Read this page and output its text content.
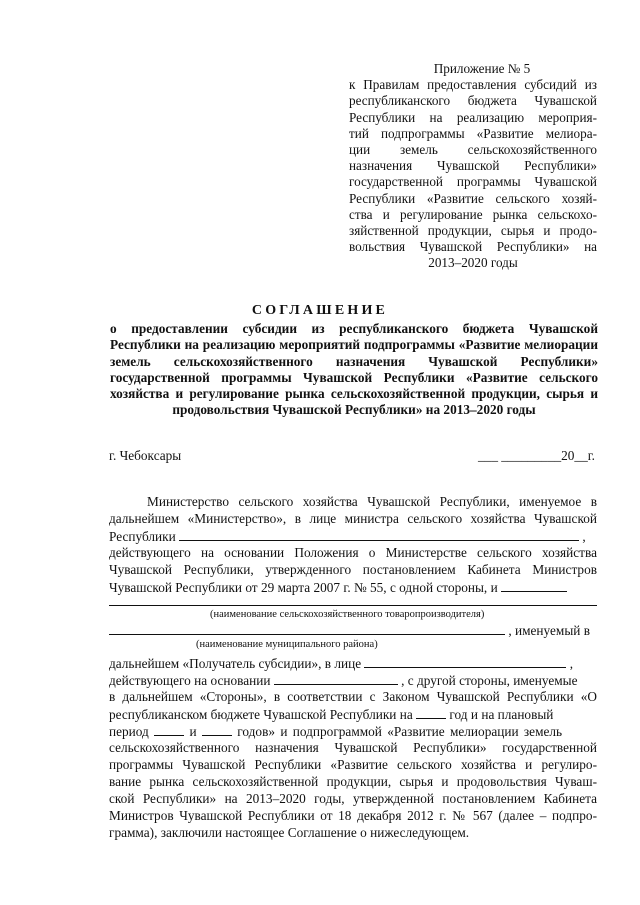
Приложение № 5
к Правилам предоставления субсидий из
республиканского бюджета Чувашской
Республики на реализацию мероприя-
тий подпрограммы «Развитие мелиора-
ции земель сельскохозяйственного
назначения Чувашской Республики»
государственной программы Чувашской
Республики «Развитие сельского хозяй-
ства и регулирование рынка сельскохо-
зяйственной продукции, сырья и продо-
вольствия Чувашской Республики» на
2013–2020 годы
СОГЛАШЕНИЕ
о предоставлении субсидии из республиканского бюджета Чувашской Республики на реализацию мероприятий подпрограммы «Развитие мелиорации земель сельскохозяйственного назначения Чувашской Республики» государственной программы Чувашской Республики «Развитие сельского хозяйства и регулирование рынка сельскохозяйственной продукции, сырья и продовольствия Чувашской Республики» на 2013–2020 годы
г. Чебоксары	___ _________20__г.
Министерство сельского хозяйства Чувашской Республики, именуемое в
дальнейшем «Министерство», в лице министра сельского хозяйства Чувашской
Республики	,
действующего на основании Положения о Министерстве сельского хозяйства
Чувашской Республики, утвержденного постановлением Кабинета Министров
Чувашской Республики от 29 марта 2007 г. № 55, с одной стороны, и
(наименование сельскохозяйственного товаропроизводителя)
, именуемый в
(наименование муниципального района)
дальнейшем «Получатель субсидии», в лице	,
действующего на основании	, с другой стороны, именуемые
в дальнейшем «Стороны», в соответствии с Законом Чувашской Республики «О
республиканском бюджете Чувашской Республики на	год и на плановый
период	и	годов» и подпрограммой «Развитие мелиорации земель
сельскохозяйственного назначения Чувашской Республики» государственной
программы Чувашской Республики «Развитие сельского хозяйства и регулиро-
вание рынка сельскохозяйственной продукции, сырья и продовольствия Чуваш-
ской Республики» на 2013–2020 годы, утвержденной постановлением Кабинета
Министров Чувашской Республики от 18 декабря 2012 г. № 567 (далее – подпро-
грамма), заключили настоящее Соглашение о нижеследующем.
